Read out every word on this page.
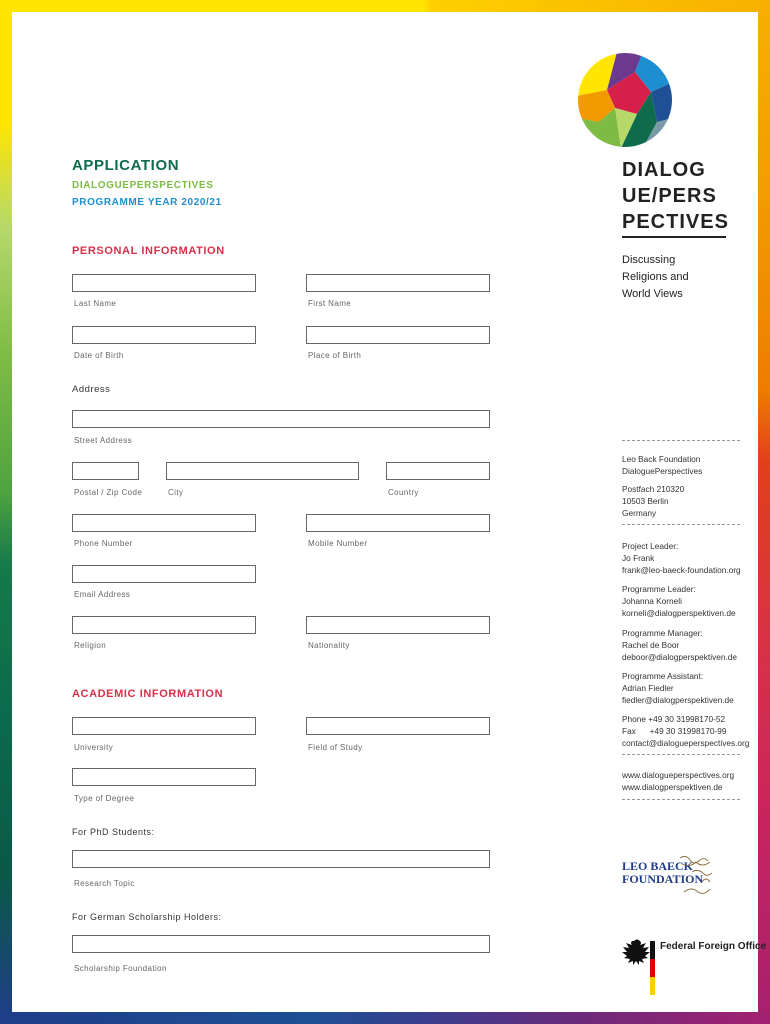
APPLICATION
DIALOGUEPERSPECTIVES
PROGRAMME YEAR 2020/21
DIALOG
UE/PERS
PECTIVES
Discussing
Religions and
World Views
PERSONAL INFORMATION
Last Name	First Name
Date of Birth	Place of Birth
Address
Street Address
Postal / Zip Code	City	Country
Phone Number	Mobile Number
Email Address
Religion	Nationality
ACADEMIC INFORMATION
University	Field of Study
Type of Degree
For PhD Students:
Research Topic
For German Scholarship Holders:
Scholarship Foundation
Leo Back Foundation
DialoguePerspectives
Postfach 210320
10503 Berlin
Germany
Project Leader:
Jo Frank
frank@leo-baeck-foundation.org
Programme Leader:
Johanna Korneli
korneli@dialogperspektiven.de
Programme Manager:
Rachel de Boor
deboor@dialogperspektiven.de
Programme Assistant:
Adrian Fiedler
fiedler@dialogperspektiven.de
Phone +49 30 31998170-52
Fax      +49 30 31998170-99
contact@dialogueperspectives.org
www.dialogueperspectives.org
www.dialogperspektiven.de
LEO BAECK
FOUNDATION
Federal Foreign Office
